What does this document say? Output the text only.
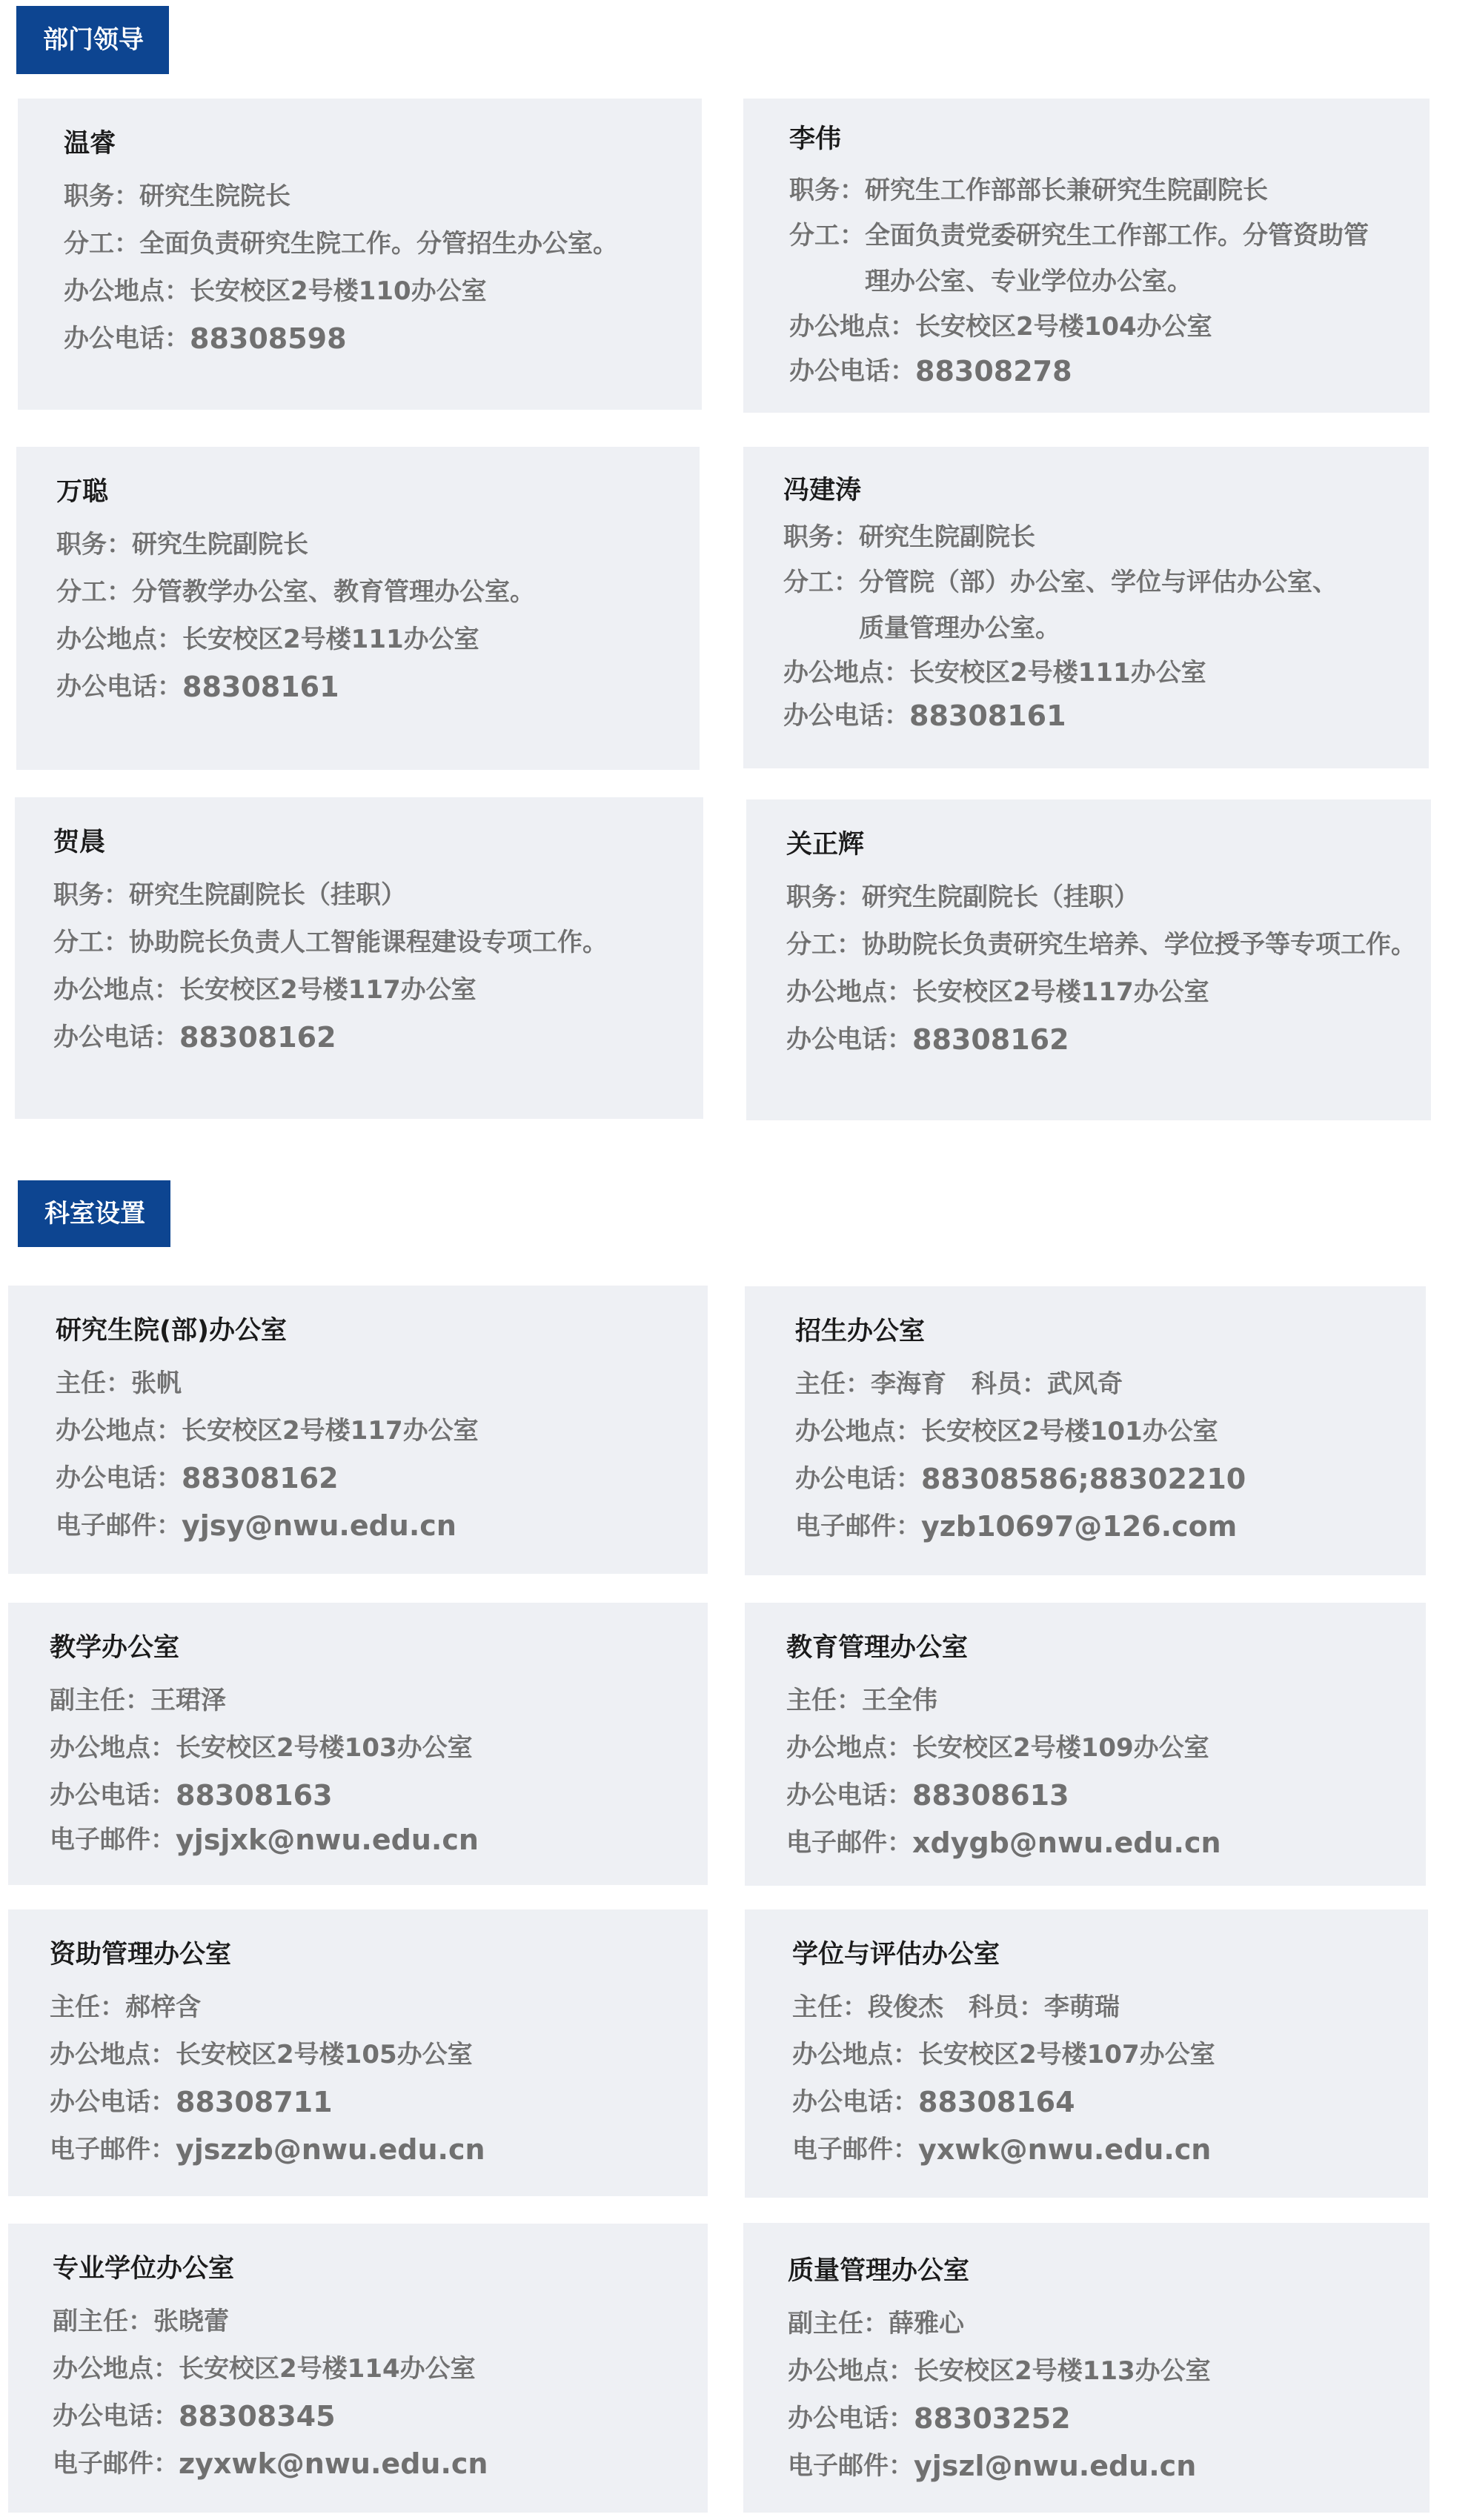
部门领导
温睿
职务： 研究生院院长
分工： 全面负责研究生院工作。分管招生办公室。
办公地点： 长安校区2号楼110办公室
办公电话： 88308598
李伟
职务： 研究生工作部部长兼研究生院副院长
分工： 全面负责党委研究生工作部工作。分管资助管理办公室、专业学位办公室。
办公地点： 长安校区2号楼104办公室
办公电话： 88308278
万聪
职务： 研究生院副院长
分工： 分管教学办公室、教育管理办公室。
办公地点： 长安校区2号楼111办公室
办公电话： 88308161
冯建涛
职务： 研究生院副院长
分工： 分管院（部）办公室、学位与评估办公室、质量管理办公室。
办公地点： 长安校区2号楼111办公室
办公电话： 88308161
贺晨
职务： 研究生院副院长（挂职）
分工： 协助院长负责人工智能课程建设专项工作。
办公地点： 长安校区2号楼117办公室
办公电话： 88308162
关正辉
职务： 研究生院副院长（挂职）
分工： 协助院长负责研究生培养、学位授予等专项工作。
办公地点： 长安校区2号楼117办公室
办公电话： 88308162
科室设置
研究生院(部)办公室
主任：张帆
办公地点： 长安校区2号楼117办公室
办公电话： 88308162
电子邮件： yjsy@nwu.edu.cn
招生办公室
主任：李海育　科员：武风奇
办公地点： 长安校区2号楼101办公室
办公电话： 88308586;88302210
电子邮件： yzb10697@126.com
教学办公室
副主任：王珺泽
办公地点： 长安校区2号楼103办公室
办公电话： 88308163
电子邮件： yjsjxk@nwu.edu.cn
教育管理办公室
主任：王全伟
办公地点： 长安校区2号楼109办公室
办公电话： 88308613
电子邮件： xdygb@nwu.edu.cn
资助管理办公室
主任：郝梓含
办公地点： 长安校区2号楼105办公室
办公电话： 88308711
电子邮件： yjszzb@nwu.edu.cn
学位与评估办公室
主任：段俊杰　科员：李萌瑞
办公地点： 长安校区2号楼107办公室
办公电话： 88308164
电子邮件： yxwk@nwu.edu.cn
专业学位办公室
副主任：张晓蕾
办公地点： 长安校区2号楼114办公室
办公电话： 88308345
电子邮件： zyxwk@nwu.edu.cn
质量管理办公室
副主任：薛雅心
办公地点： 长安校区2号楼113办公室
办公电话： 88303252
电子邮件： yjszl@nwu.edu.cn
